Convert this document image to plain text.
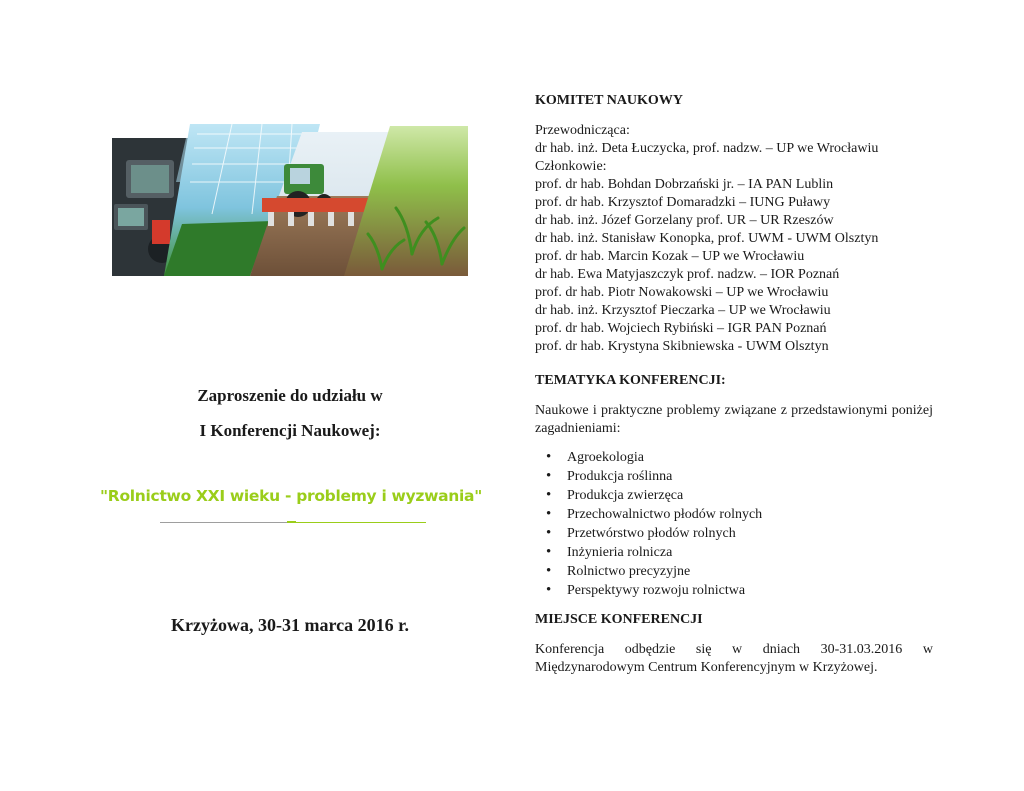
Zaproszenie do udziału w

I Konferencji Naukowej:

"Rolnictwo XXI wieku - problemy i wyzwania"

Krzyżowa, 30-31 marca 2016 r.

KOMITET NAUKOWY

Przewodnicząca:
dr hab. inż. Deta Łuczycka, prof. nadzw. – UP we Wrocławiu
Członkowie:
prof. dr hab. Bohdan Dobrzański jr. – IA PAN Lublin
prof. dr hab. Krzysztof Domaradzki – IUNG Puławy
dr hab. inż. Józef Gorzelany prof. UR – UR Rzeszów
dr hab. inż. Stanisław Konopka, prof. UWM - UWM Olsztyn
prof. dr hab. Marcin Kozak – UP we Wrocławiu
dr hab. Ewa Matyjaszczyk prof. nadzw. – IOR Poznań
prof. dr hab. Piotr Nowakowski – UP we Wrocławiu
dr hab. inż. Krzysztof Pieczarka – UP we Wrocławiu
prof. dr hab. Wojciech Rybiński – IGR PAN Poznań
prof. dr hab. Krystyna Skibniewska - UWM Olsztyn

TEMATYKA KONFERENCJI:

Naukowe i praktyczne problemy związane z przedstawionymi poniżej zagadnieniami:
• Agroekologia
• Produkcja roślinna
• Produkcja zwierzęca
• Przechowalnictwo płodów rolnych
• Przetwórstwo płodów rolnych
• Inżynieria rolnicza
• Rolnictwo precyzyjne
• Perspektywy rozwoju rolnictwa

MIEJSCE KONFERENCJI

Konferencja odbędzie się w dniach 30-31.03.2016 w Międzynarodowym Centrum Konferencyjnym w Krzyżowej.
